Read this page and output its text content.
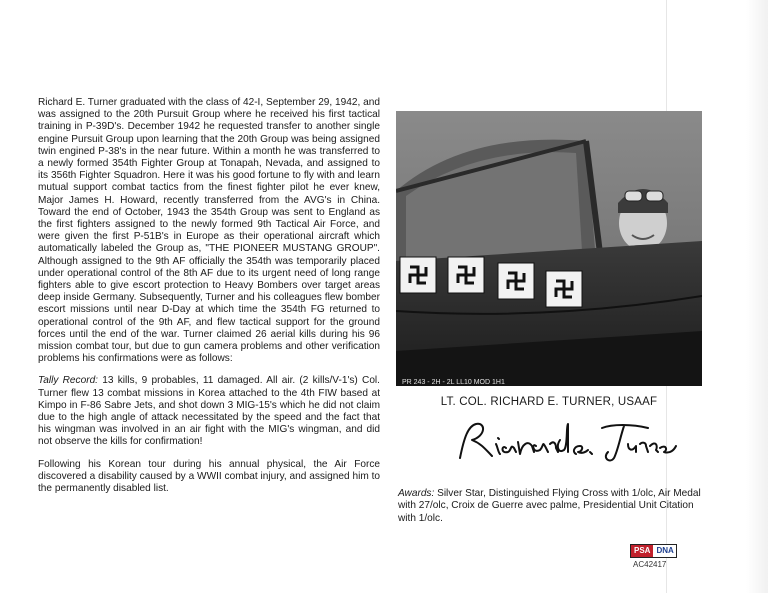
Richard E. Turner graduated with the class of 42-I, September 29, 1942, and was assigned to the 20th Pursuit Group where he received his first tactical training in P-39D's. December 1942 he requested transfer to another single engine Pursuit Group upon learning that the 20th Group was being assigned twin engined P-38's in the near future. Within a month he was transferred to a newly formed 354th Fighter Group at Tonapah, Nevada, and assigned to its 356th Fighter Squadron. Here it was his good fortune to fly with and learn mutual support combat tactics from the finest fighter pilot he ever knew, Major James H. Howard, recently transferred from the AVG's in China. Toward the end of October, 1943 the 354th Group was sent to England as the first fighters assigned to the newly formed 9th Tactical Air Force, and were given the first P-51B's in Europe as their operational aircraft which automatically labeled the Group as, "THE PIONEER MUSTANG GROUP". Although assigned to the 9th AF officially the 354th was temporarily placed under operational control of the 8th AF due to its urgent need of long range fighters able to give escort protection to Heavy Bombers over target areas deep inside Germany. Subsequently, Turner and his colleagues flew bomber escort missions until near D-Day at which time the 354th FG returned to operational control of the 9th AF, and flew tactical support for the ground forces until the end of the war. Turner claimed 26 aerial kills during his 96 mission combat tour, but due to gun camera problems and other verification problems his confirmations were as follows:

Tally Record: 13 kills, 9 probables, 11 damaged. All air. (2 kills/V-1's) Col. Turner flew 13 combat missions in Korea attached to the 4th FIW based at Kimpo in F-86 Sabre Jets, and shot down 3 MIG-15's which he did not claim due to the high angle of attack necessitated by the speed and the fact that his wingman was involved in an air fight with the MIG's wingman, and did not observe the kills for confirmation!

Following his Korean tour during his annual physical, the Air Force discovered a disability caused by a WWII combat injury, and assigned him to the permanently disabled list.

PR 243 - 2H - 2L LL10 MOD 1H1
LT. COL. RICHARD E. TURNER, USAAF
Awards: Silver Star, Distinguished Flying Cross with 1/olc, Air Medal with 27/olc, Croix de Guerre avec palme, Presidential Unit Citation with 1/olc.
PSA DNA
AC42417
